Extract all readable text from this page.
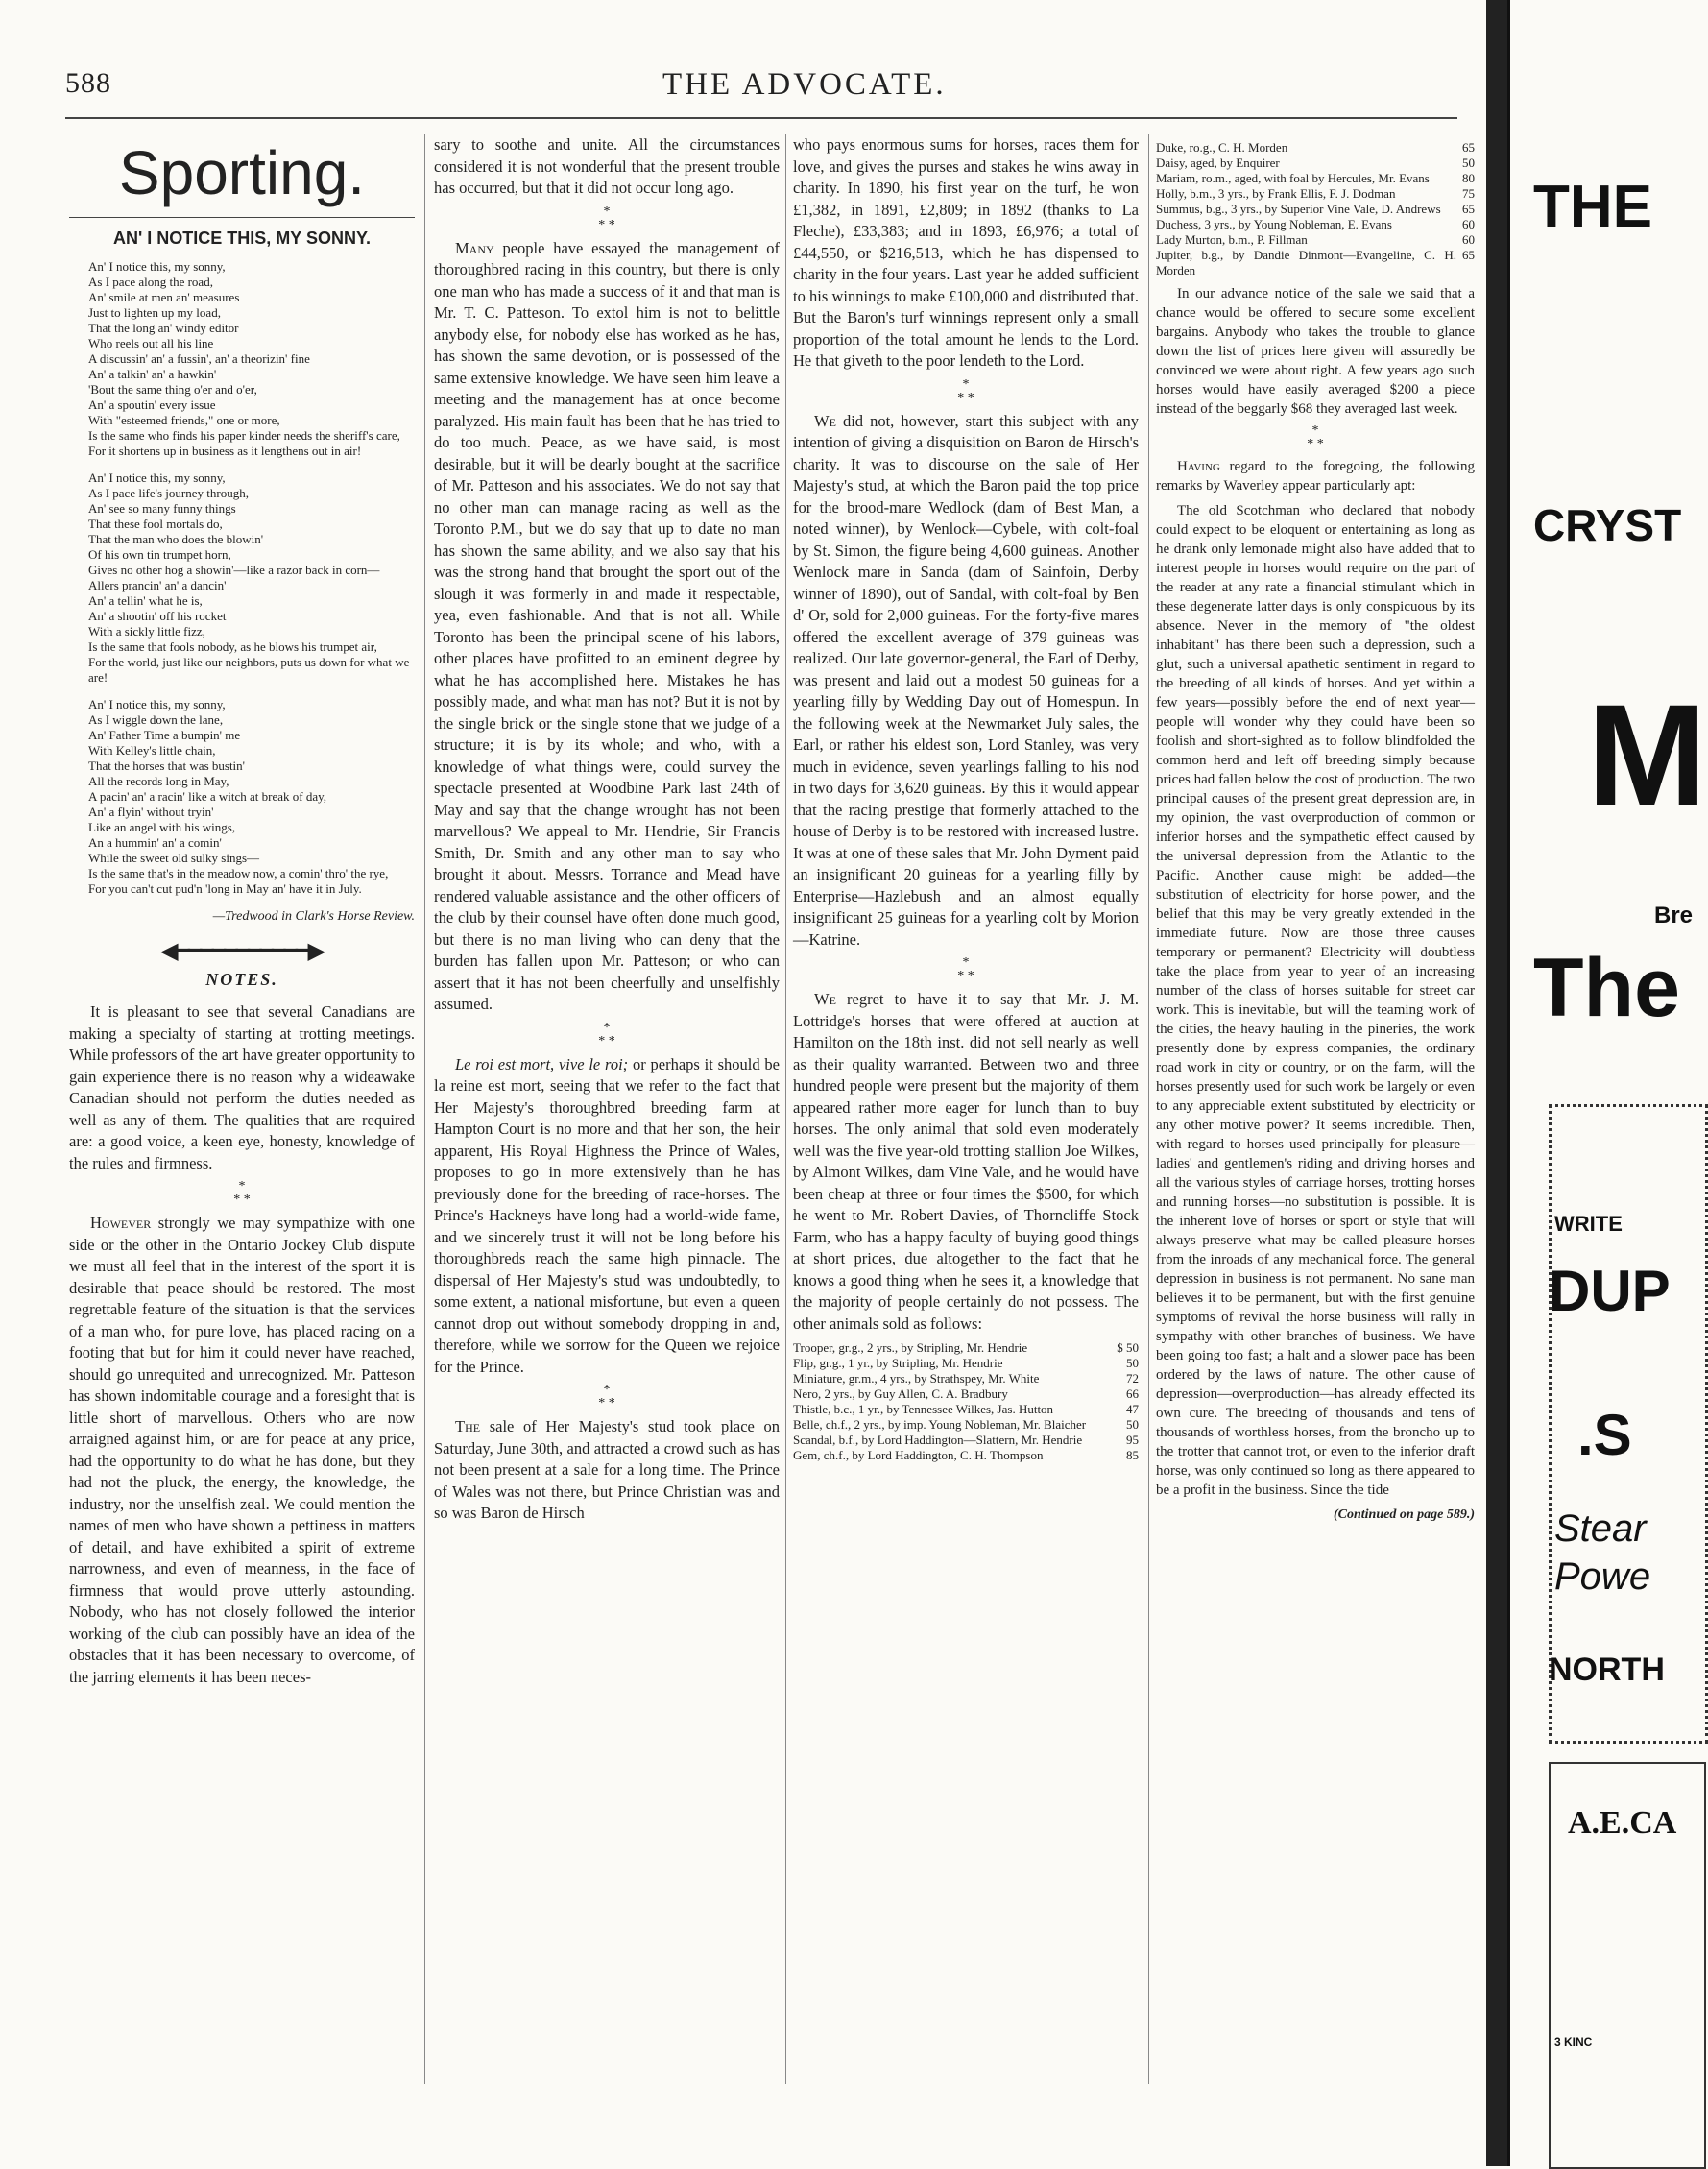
588	THE ADVOCATE.
Sporting.
AN' I NOTICE THIS, MY SONNY.
An' I notice this, my sonny,
As I pace along the road,
An' smile at men an' measures
Just to lighten up my load,
That the long an' windy editor
Who reels out all his line
A discussin' an' a fussin', an' a theorizin' fine
An' a talkin' an' a hawkin'
'Bout the same thing o'er and o'er,
An' a spoutin' every issue
With "esteemed friends," one or more,
Is the same who finds his paper kinder needs the sheriff's care,
For it shortens up in business as it lengthens out in air!
An' I notice this, my sonny,
As I pace life's journey through,
An' see so many funny things
That these fool mortals do,
That the man who does the blowin'
Of his own tin trumpet horn,
Gives no other hog a showin'—like a razor back in corn—
Allers prancin' an' a dancin'
An' a tellin' what he is,
An' a shootin' off his rocket
With a sickly little fizz,
Is the same that fools nobody, as he blows his trumpet air,
For the world, just like our neighbors, puts us down for what we are!
An' I notice this, my sonny,
As I wiggle down the lane,
An' Father Time a bumpin' me
With Kelley's little chain,
That the horses that was bustin'
All the records long in May,
A pacin' an' a racin' like a witch at break of day,
An' a flyin' without tryin'
Like an angel with his wings,
An a hummin' an' a comin'
While the sweet old sulky sings—
Is the same that's in the meadow now, a comin' thro' the rye,
For you can't cut pud'n 'long in May an' have it in July.
—Tredwood in Clark's Horse Review.
◀━━━━━━━━━━━▶
NOTES.

It is pleasant to see that several Canadians are making a specialty of starting at trotting meetings. While professors of the art have greater opportunity to gain experience there is no reason why a wideawake Canadian should not perform the duties needed as well as any of them. The qualities that are required are: a good voice, a keen eye, honesty, knowledge of the rules and firmness.

*
* *

However strongly we may sympathize with one side or the other in the Ontario Jockey Club dispute we must all feel that in the interest of the sport it is desirable that peace should be restored. The most regrettable feature of the situation is that the services of a man who, for pure love, has placed racing on a footing that but for him it could never have reached, should go unrequited and unrecognized. Mr. Patteson has shown indomitable courage and a foresight that is little short of marvellous. Others who are now arraigned against him, or are for peace at any price, had the opportunity to do what he has done, but they had not the pluck, the energy, the knowledge, the industry, nor the unselfish zeal. We could mention the names of men who have shown a pettiness in matters of detail, and have exhibited a spirit of extreme narrowness, and even of meanness, in the face of firmness that would prove utterly astounding. Nobody, who has not closely followed the interior working of the club can possibly have an idea of the obstacles that it has been necessary to overcome, of the jarring elements it has been neces-

sary to soothe and unite. All the circumstances considered it is not wonderful that the present trouble has occurred, but that it did not occur long ago.

*
* *

Many people have essayed the management of thoroughbred racing in this country, but there is only one man who has made a success of it and that man is Mr. T. C. Patteson. To extol him is not to belittle anybody else, for nobody else has worked as he has, has shown the same devotion, or is possessed of the same extensive knowledge. We have seen him leave a meeting and the management has at once become paralyzed. His main fault has been that he has tried to do too much. Peace, as we have said, is most desirable, but it will be dearly bought at the sacrifice of Mr. Patteson and his associates. We do not say that no other man can manage racing as well as the Toronto P.M., but we do say that up to date no man has shown the same ability, and we also say that his was the strong hand that brought the sport out of the slough it was formerly in and made it respectable, yea, even fashionable. And that is not all. While Toronto has been the principal scene of his labors, other places have profitted to an eminent degree by what he has accomplished here. Mistakes he has possibly made, and what man has not? But it is not by the single brick or the single stone that we judge of a structure; it is by its whole; and who, with a knowledge of what things were, could survey the spectacle presented at Woodbine Park last 24th of May and say that the change wrought has not been marvellous? We appeal to Mr. Hendrie, Sir Francis Smith, Dr. Smith and any other man to say who brought it about. Messrs. Torrance and Mead have rendered valuable assistance and the other officers of the club by their counsel have often done much good, but there is no man living who can deny that the burden has fallen upon Mr. Patteson; or who can assert that it has not been cheerfully and unselfishly assumed.

*
* *

Le roi est mort, vive le roi; or perhaps it should be la reine est mort, seeing that we refer to the fact that Her Majesty's thoroughbred breeding farm at Hampton Court is no more and that her son, the heir apparent, His Royal Highness the Prince of Wales, proposes to go in more extensively than he has previously done for the breeding of race-horses. The Prince's Hackneys have long had a world-wide fame, and we sincerely trust it will not be long before his thoroughbreds reach the same high pinnacle. The dispersal of Her Majesty's stud was undoubtedly, to some extent, a national misfortune, but even a queen cannot drop out without somebody dropping in and, therefore, while we sorrow for the Queen we rejoice for the Prince.

*
* *

The sale of Her Majesty's stud took place on Saturday, June 30th, and attracted a crowd such as has not been present at a sale for a long time. The Prince of Wales was not there, but Prince Christian was and so was Baron de Hirsch

who pays enormous sums for horses, races them for love, and gives the purses and stakes he wins away in charity. In 1890, his first year on the turf, he won £1,382, in 1891, £2,809; in 1892 (thanks to La Fleche), £33,383; and in 1893, £6,976; a total of £44,550, or $216,513, which he has dispensed to charity in the four years. Last year he added sufficient to his winnings to make £100,000 and distributed that. But the Baron's turf winnings represent only a small proportion of the total amount he lends to the Lord. He that giveth to the poor lendeth to the Lord.

*
* *

We did not, however, start this subject with any intention of giving a disquisition on Baron de Hirsch's charity. It was to discourse on the sale of Her Majesty's stud, at which the Baron paid the top price for the brood-mare Wedlock (dam of Best Man, a noted winner), by Wenlock—Cybele, with colt-foal by St. Simon, the figure being 4,600 guineas. Another Wenlock mare in Sanda (dam of Sainfoin, Derby winner of 1890), out of Sandal, with colt-foal by Ben d' Or, sold for 2,000 guineas. For the forty-five mares offered the excellent average of 379 guineas was realized. Our late governor-general, the Earl of Derby, was present and laid out a modest 50 guineas for a yearling filly by Wedding Day out of Homespun. In the following week at the Newmarket July sales, the Earl, or rather his eldest son, Lord Stanley, was very much in evidence, seven yearlings falling to his nod in two days for 3,620 guineas. By this it would appear that the racing prestige that formerly attached to the house of Derby is to be restored with increased lustre. It was at one of these sales that Mr. John Dyment paid an insignificant 20 guineas for a yearling filly by Enterprise—Hazlebush and an almost equally insignificant 25 guineas for a yearling colt by Morion—Katrine.

*
* *

We regret to have it to say that Mr. J. M. Lottridge's horses that were offered at auction at Hamilton on the 18th inst. did not sell nearly as well as their quality warranted. Between two and three hundred people were present but the majority of them appeared rather more eager for lunch than to buy horses. The only animal that sold even moderately well was the five year-old trotting stallion Joe Wilkes, by Almont Wilkes, dam Vine Vale, and he would have been cheap at three or four times the $500, for which he went to Mr. Robert Davies, of Thorncliffe Stock Farm, who has a happy faculty of buying good things at short prices, due altogether to the fact that he knows a good thing when he sees it, a knowledge that the majority of people certainly do not possess. The other animals sold as follows:

Trooper, gr.g., 2 yrs., by Stripling, Mr. Hendrie	$ 50
Flip, gr.g., 1 yr., by Stripling, Mr. Hendrie	50
Miniature, gr.m., 4 yrs., by Strathspey, Mr. White	72
Nero, 2 yrs., by Guy Allen, C. A. Bradbury	66
Thistle, b.c., 1 yr., by Tennessee Wilkes, Jas. Hutton	47
Belle, ch.f., 2 yrs., by imp. Young Nobleman, Mr. Blaicher	50
Scandal, b.f., by Lord Haddington—Slattern, Mr. Hendrie	95
Gem, ch.f., by Lord Haddington, C. H. Thompson	85
Duke, ro.g., C. H. Morden	65
Daisy, aged, by Enquirer	50
Mariam, ro.m., aged, with foal by Hercules, Mr. Evans	80
Holly, b.m., 3 yrs., by Frank Ellis, F. J. Dodman	75
Summus, b.g., 3 yrs., by Superior Vine Vale, D. Andrews	65
Duchess, 3 yrs., by Young Nobleman, E. Evans	60
Lady Murton, b.m., P. Fillman	60
Jupiter, b.g., by Dandie Dinmont—Evangeline, C. H. Morden
65

In our advance notice of the sale we said that a chance would be offered to secure some excellent bargains. Anybody who takes the trouble to glance down the list of prices here given will assuredly be convinced we were about right. A few years ago such horses would have easily averaged $200 a piece instead of the beggarly $68 they averaged last week.

*
* *

Having regard to the foregoing, the following remarks by Waverley appear particularly apt:

The old Scotchman who declared that nobody could expect to be eloquent or entertaining as long as he drank only lemonade might also have added that to interest people in horses would require on the part of the reader at any rate a financial stimulant which in these degenerate latter days is only conspicuous by its absence. Never in the memory of "the oldest inhabitant" has there been such a depression, such a glut, such a universal apathetic sentiment in regard to the breeding of all kinds of horses. And yet within a few years—possibly before the end of next year—people will wonder why they could have been so foolish and short-sighted as to follow blindfolded the common herd and left off breeding simply because prices had fallen below the cost of production. The two principal causes of the present great depression are, in my opinion, the vast overproduction of common or inferior horses and the sympathetic effect caused by the universal depression from the Atlantic to the Pacific. Another cause might be added—the substitution of electricity for horse power, and the belief that this may be very greatly extended in the immediate future. Now are those three causes temporary or permanent? Electricity will doubtless take the place from year to year of an increasing number of the class of horses suitable for street car work. This is inevitable, but will the teaming work of the cities, the heavy hauling in the pineries, the work presently done by express companies, the ordinary road work in city or country, or on the farm, will the horses presently used for such work be largely or even to any appreciable extent substituted by electricity or any other motive power? It seems incredible. Then, with regard to horses used principally for pleasure—ladies' and gentlemen's riding and driving horses and all the various styles of carriage horses, trotting horses and running horses—no substitution is possible. It is the inherent love of horses or sport or style that will always preserve what may be called pleasure horses from the inroads of any mechanical force. The general depression in business is not permanent. No sane man believes it to be permanent, but with the first genuine symptoms of revival the horse business will rally in sympathy with other branches of business. We have been going too fast; a halt and a slower pace has been ordered by the laws of nature. The other cause of depression—overproduction—has already effected its own cure. The breeding of thousands and tens of thousands of worthless horses, from the broncho up to the trotter that cannot trot, or even to the inferior draft horse, was only continued so long as there appeared to be a profit in the business. Since the tide

(Continued on page 589.)
THE
CRYST
M
Bre
The
WRITE
DUP
.S
Stear
Powe
NORTH
A.E.CA
3 KINC
